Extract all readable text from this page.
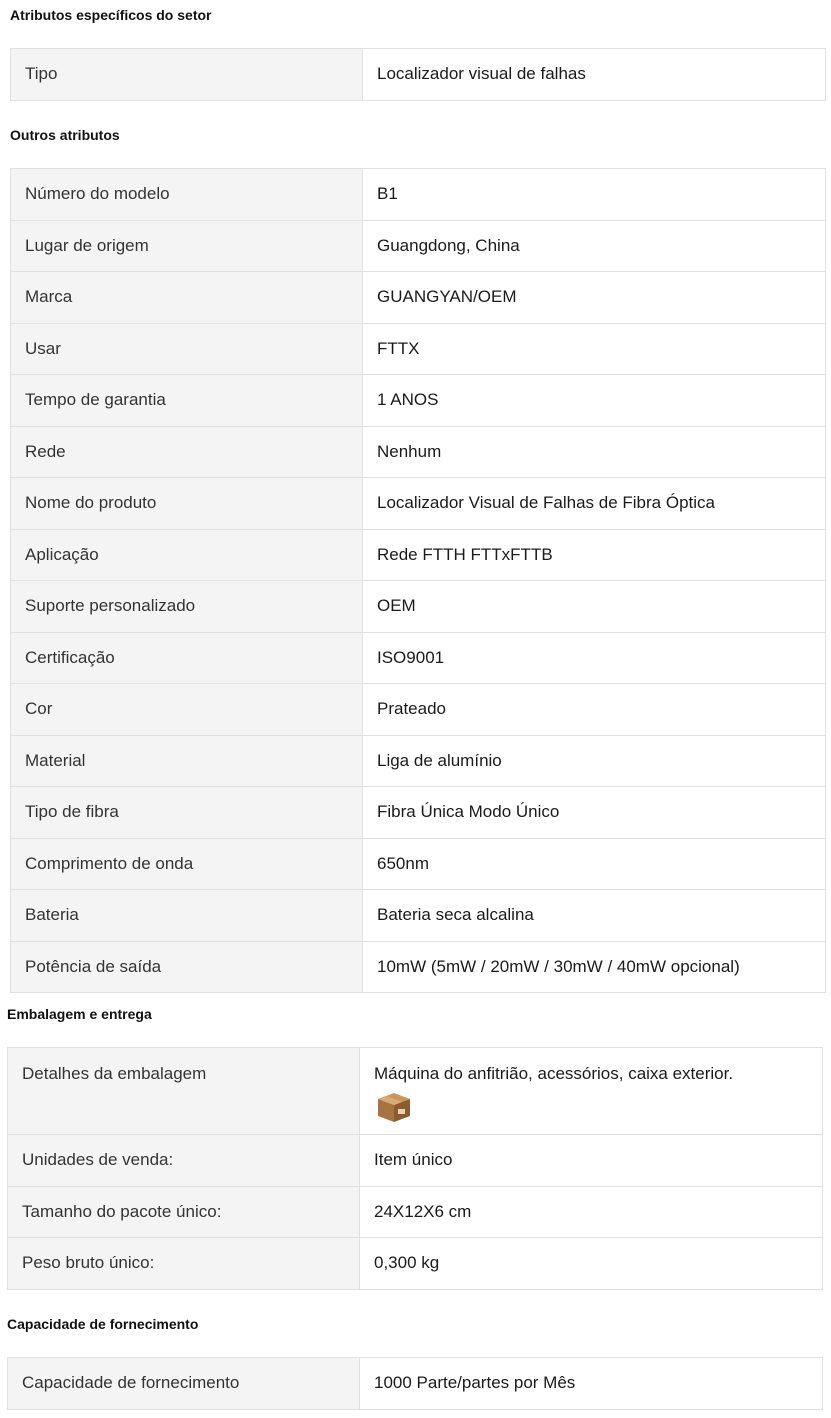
Atributos específicos do setor
Tipo	Localizador visual de falhas
Outros atributos
Número do modelo	B1
Lugar de origem	Guangdong, China
Marca	GUANGYAN/OEM
Usar	FTTX
Tempo de garantia	1 ANOS
Rede	Nenhum
Nome do produto	Localizador Visual de Falhas de Fibra Óptica
Aplicação	Rede FTTH FTTxFTTB
Suporte personalizado	OEM
Certificação	ISO9001
Cor	Prateado
Material	Liga de alumínio
Tipo de fibra	Fibra Única Modo Único
Comprimento de onda	650nm
Bateria	Bateria seca alcalina
Potência de saída	10mW (5mW / 20mW / 30mW / 40mW opcional)
Embalagem e entrega
Detalhes da embalagem	Máquina do anfitrião, acessórios, caixa exterior.

Unidades de venda:	Item único
Tamanho do pacote único:	24X12X6 cm
Peso bruto único:	0,300 kg
Capacidade de fornecimento
Capacidade de fornecimento	1000 Parte/partes por Mês
